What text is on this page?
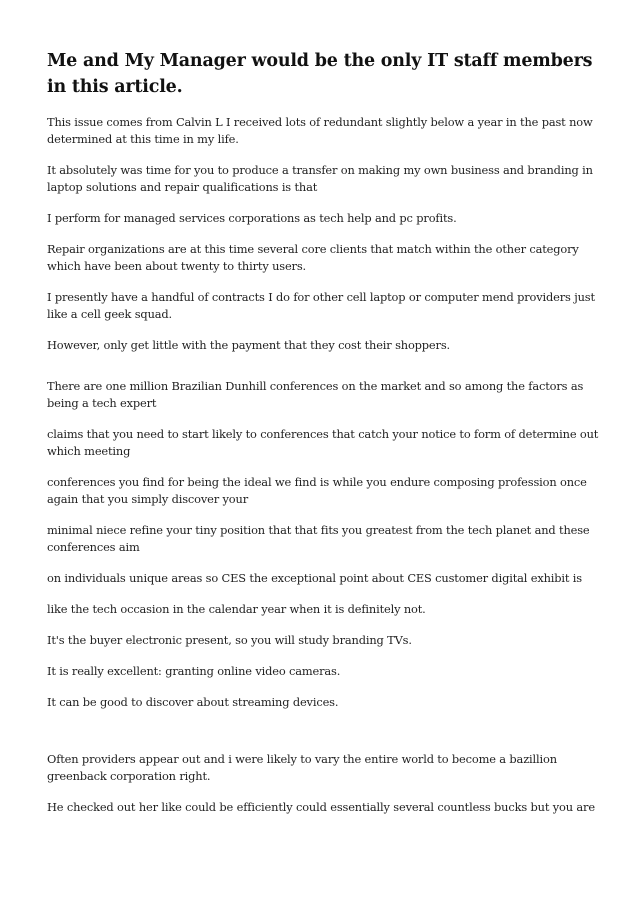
Me and My Manager would be the only IT staff members in this article.

This issue comes from Calvin L I received lots of redundant slightly below a year in the past now determined at this time in my life.

It absolutely was time for you to produce a transfer on making my own business and branding in laptop solutions and repair qualifications is that

I perform for managed services corporations as tech help and pc profits.

Repair organizations are at this time several core clients that match within the other category which have been about twenty to thirty users.

I presently have a handful of contracts I do for other cell laptop or computer mend providers just like a cell geek squad.

However, only get little with the payment that they cost their shoppers.

There are one million Brazilian Dunhill conferences on the market and so among the factors as being a tech expert

claims that you need to start likely to conferences that catch your notice to form of determine out which meeting

conferences you find for being the ideal we find is while you endure composing profession once again that you simply discover your

minimal niece refine your tiny position that that fits you greatest from the tech planet and these conferences aim

on individuals unique areas so CES the exceptional point about CES customer digital exhibit is

like the tech occasion in the calendar year when it is definitely not.

It's the buyer electronic present, so you will study branding TVs.

It is really excellent: granting online video cameras.

It can be good to discover about streaming devices.

Often providers appear out and i were likely to vary the entire world to become a bazillion greenback corporation right.

He checked out her like could be efficiently could essentially several countless bucks but you are
